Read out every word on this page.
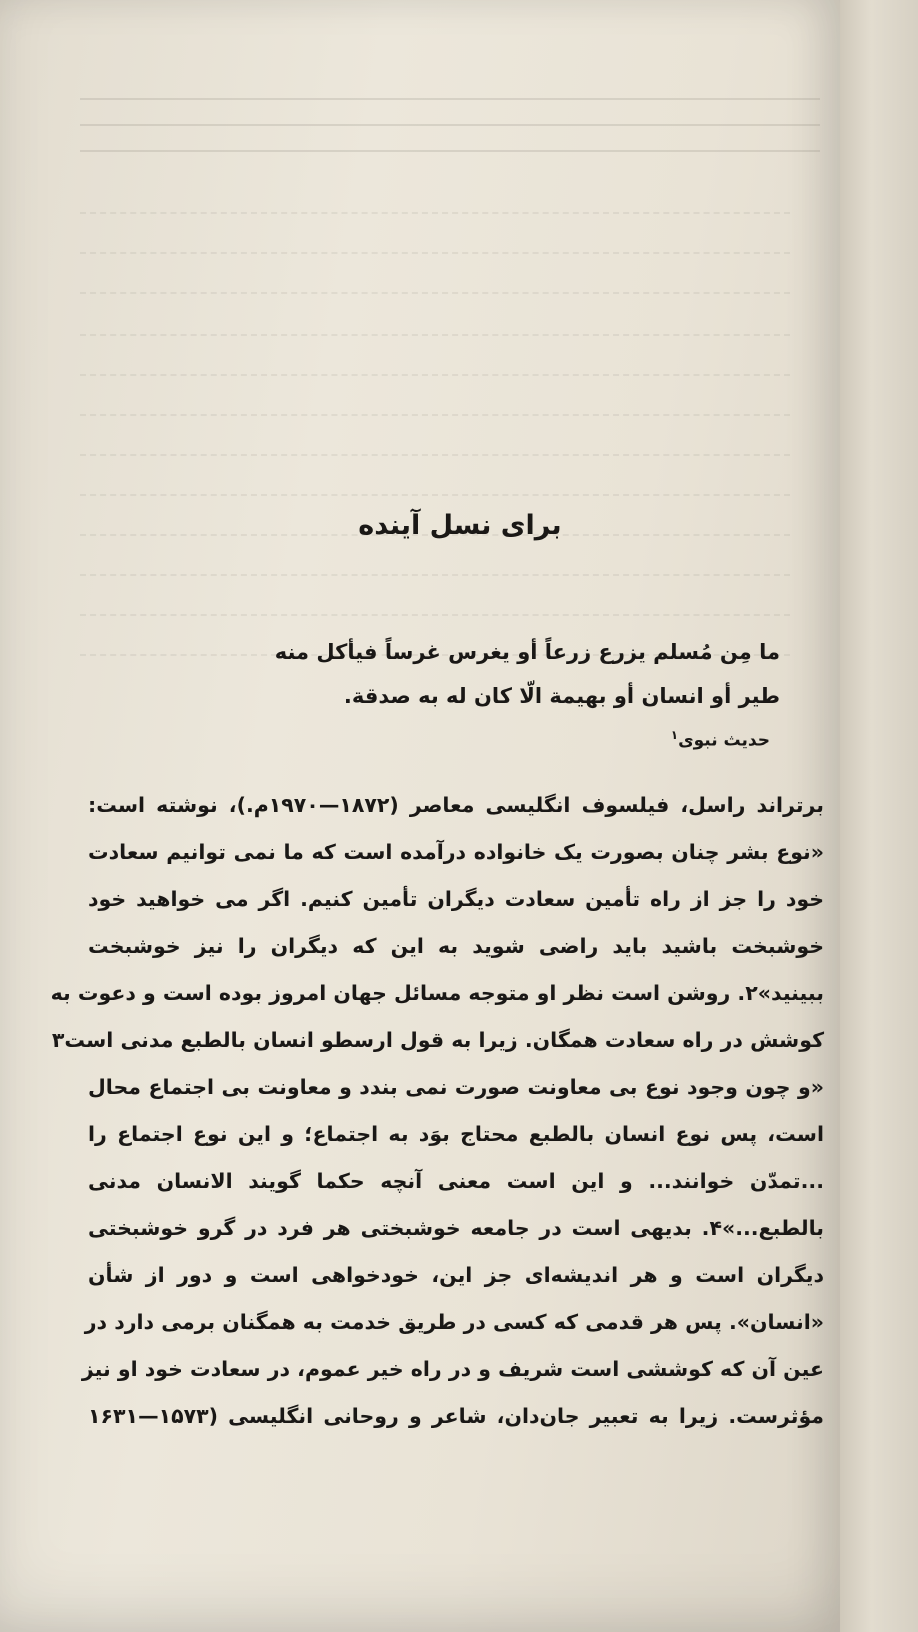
برای نسل آینده
ما مِن مُسلم یزرع زرعاً أو یغرس غرساً فیأکل منه
طیر أو انسان أو بهیمة الّا کان له به صدقة.
حدیث نبوی$^۱$
برتراند راسل، فیلسوف انگلیسی معاصر (۱۸۷۲—۱۹۷۰م.)، نوشته است:
«نوع بشر چنان بصورت یک خانواده درآمده است که ما نمی توانیم سعادت
خود را جز از راه تأمین سعادت دیگران تأمین کنیم. اگر می خواهید خود
خوشبخت باشید باید راضی شوید به این که دیگران را نیز خوشبخت
ببینید»۲. روشن است نظر او متوجه مسائل جهان امروز بوده است و دعوت به
کوشش در راه سعادت همگان. زیرا به قول ارسطو انسان بالطبع مدنی است۳
«و چون وجود نوع بی معاونت صورت نمی بندد و معاونت بی اجتماع محال
است، پس نوع انسان بالطبع محتاج بوَد به اجتماع؛ و این نوع اجتماع را
...تمدّن خوانند... و این است معنی آنچه حکما گویند الانسان مدنی
بالطبع...»۴. بدیهی است در جامعه خوشبختی هر فرد در گرو خوشبختی
دیگران است و هر اندیشه‌ای جز این، خودخواهی است و دور از شأن
«انسان». پس هر قدمی که کسی در طریق خدمت به همگنان برمی دارد در
عین آن که کوششی است شریف و در راه خیر عموم، در سعادت خود او نیز
مؤثرست. زیرا به تعبیر جان‌دان، شاعر و روحانی انگلیسی (۱۵۷۳—۱۶۳۱
